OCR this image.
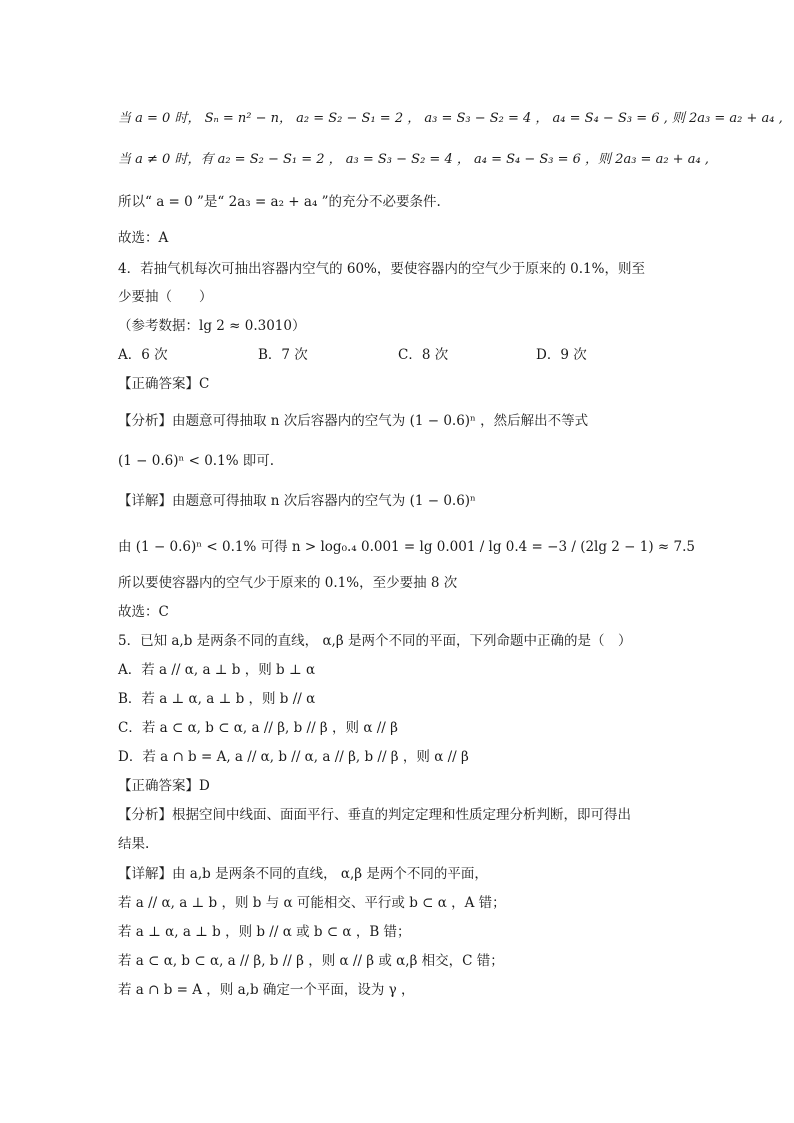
当 a = 0 时， Sₙ = n² − n， a₂ = S₂ − S₁ = 2 ， a₃ = S₃ − S₂ = 4 ， a₄ = S₄ − S₃ = 6 , 则 2a₃ = a₂ + a₄ ,
当 a ≠ 0 时，有 a₂ = S₂ − S₁ = 2 ， a₃ = S₃ − S₂ = 4 ， a₄ = S₄ − S₃ = 6 ，则 2a₃ = a₂ + a₄ ,
所以“ a = 0 ”是“ 2a₃ = a₂ + a₄ ”的充分不必要条件.
故选：A
4．若抽气机每次可抽出容器内空气的 60%，要使容器内的空气少于原来的 0.1%，则至
少要抽（　　）
（参考数据：lg 2 ≈ 0.3010）
A．6 次	B．7 次	C．8 次	D．9 次
【正确答案】C
【分析】由题意可得抽取 n 次后容器内的空气为 (1 − 0.6)ⁿ ，然后解出不等式
(1 − 0.6)ⁿ < 0.1% 即可.
【详解】由题意可得抽取 n 次后容器内的空气为 (1 − 0.6)ⁿ
由 (1 − 0.6)ⁿ < 0.1% 可得 n > log₀.₄ 0.001 = lg 0.001 / lg 0.4 = −3 / (2lg 2 − 1) ≈ 7.5
所以要使容器内的空气少于原来的 0.1%，至少要抽 8 次
故选：C
5．已知 a,b 是两条不同的直线， α,β 是两个不同的平面，下列命题中正确的是（　）
A．若 a // α, a ⊥ b ，则 b ⊥ α
B．若 a ⊥ α, a ⊥ b ，则 b // α
C．若 a ⊂ α, b ⊂ α, a // β, b // β ，则 α // β
D．若 a ∩ b = A, a // α, b // α, a // β, b // β ，则 α // β
【正确答案】D
【分析】根据空间中线面、面面平行、垂直的判定定理和性质定理分析判断，即可得出
结果.
【详解】由 a,b 是两条不同的直线， α,β 是两个不同的平面，
若 a // α, a ⊥ b ，则 b 与 α 可能相交、平行或 b ⊂ α ，A 错；
若 a ⊥ α, a ⊥ b ，则 b // α 或 b ⊂ α ，B 错；
若 a ⊂ α, b ⊂ α, a // β, b // β ，则 α // β 或 α,β 相交，C 错；
若 a ∩ b = A ，则 a,b 确定一个平面，设为 γ ，
